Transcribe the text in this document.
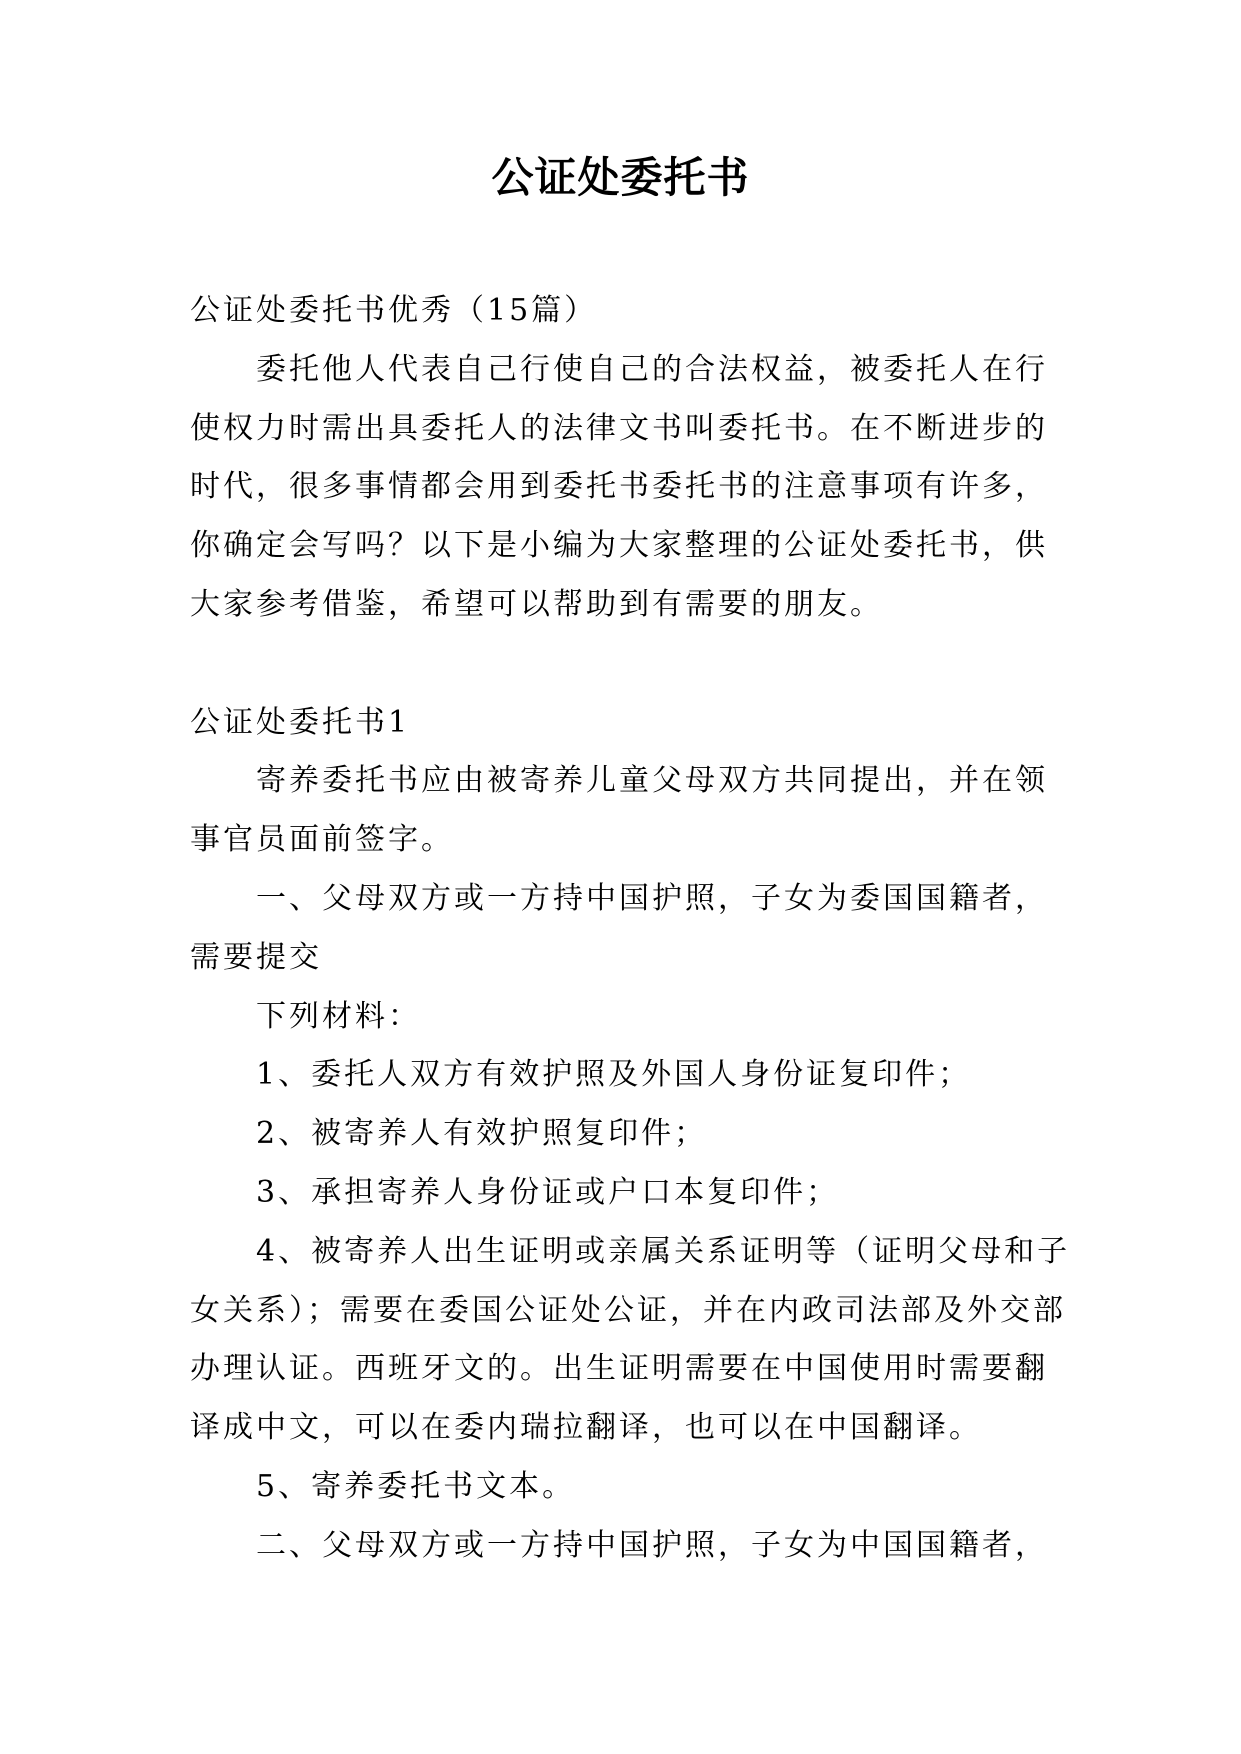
公证处委托书

公证处委托书优秀（15篇）

委托他人代表自己行使自己的合法权益，被委托人在行使权力时需出具委托人的法律文书叫委托书。在不断进步的时代，很多事情都会用到委托书委托书的注意事项有许多，你确定会写吗？以下是小编为大家整理的公证处委托书，供大家参考借鉴，希望可以帮助到有需要的朋友。

公证处委托书1

寄养委托书应由被寄养儿童父母双方共同提出，并在领事官员面前签字。

一、父母双方或一方持中国护照，子女为委国国籍者，需要提交

下列材料：

1、委托人双方有效护照及外国人身份证复印件；

2、被寄养人有效护照复印件；

3、承担寄养人身份证或户口本复印件；

4、被寄养人出生证明或亲属关系证明等（证明父母和子女关系）；需要在委国公证处公证，并在内政司法部及外交部办理认证。西班牙文的。出生证明需要在中国使用时需要翻译成中文，可以在委内瑞拉翻译，也可以在中国翻译。

5、寄养委托书文本。

二、父母双方或一方持中国护照，子女为中国国籍者，
